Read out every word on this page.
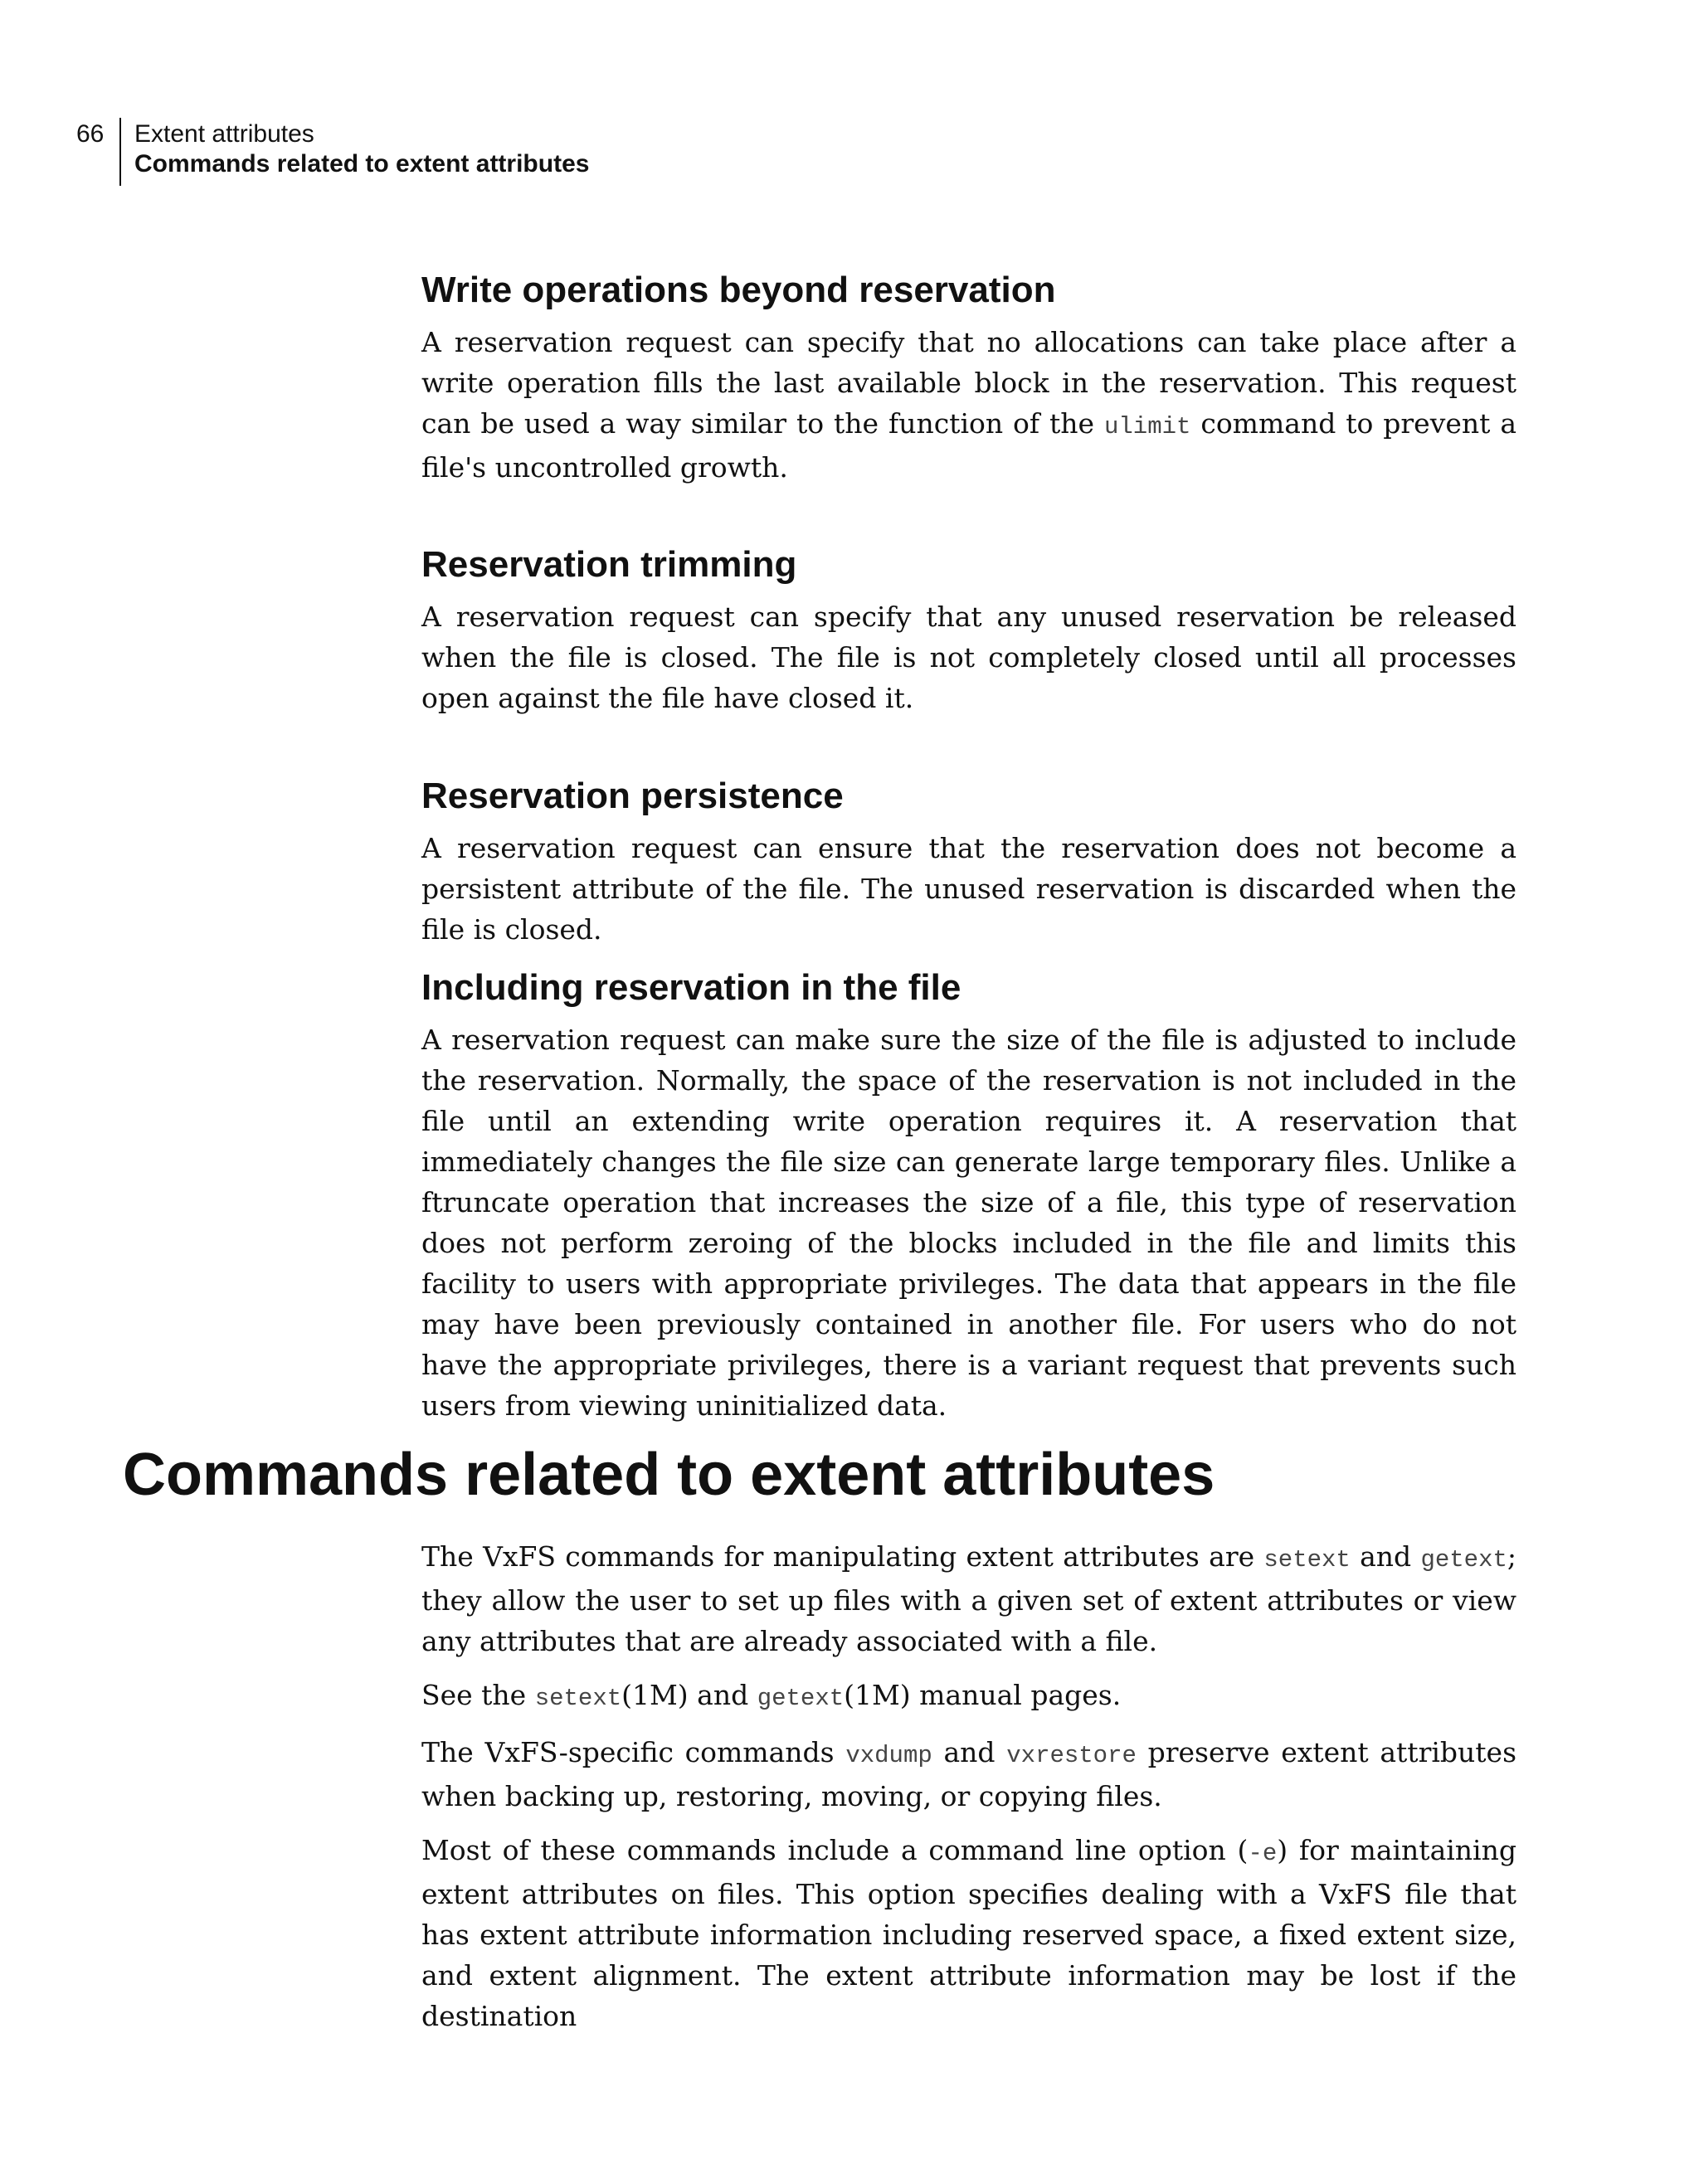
66 Extent attributes
Commands related to extent attributes
Write operations beyond reservation

A reservation request can specify that no allocations can take place after a write operation fills the last available block in the reservation. This request can be used a way similar to the function of the ulimit command to prevent a file's uncontrolled growth.

Reservation trimming

A reservation request can specify that any unused reservation be released when the file is closed. The file is not completely closed until all processes open against the file have closed it.

Reservation persistence

A reservation request can ensure that the reservation does not become a persistent attribute of the file. The unused reservation is discarded when the file is closed.

Including reservation in the file

A reservation request can make sure the size of the file is adjusted to include the reservation. Normally, the space of the reservation is not included in the file until an extending write operation requires it. A reservation that immediately changes the file size can generate large temporary files. Unlike a ftruncate operation that increases the size of a file, this type of reservation does not perform zeroing of the blocks included in the file and limits this facility to users with appropriate privileges. The data that appears in the file may have been previously contained in another file. For users who do not have the appropriate privileges, there is a variant request that prevents such users from viewing uninitialized data.

Commands related to extent attributes

The VxFS commands for manipulating extent attributes are setext and getext; they allow the user to set up files with a given set of extent attributes or view any attributes that are already associated with a file.

See the setext(1M) and getext(1M) manual pages.

The VxFS-specific commands vxdump and vxrestore preserve extent attributes when backing up, restoring, moving, or copying files.

Most of these commands include a command line option (-e) for maintaining extent attributes on files. This option specifies dealing with a VxFS file that has extent attribute information including reserved space, a fixed extent size, and extent alignment. The extent attribute information may be lost if the destination
